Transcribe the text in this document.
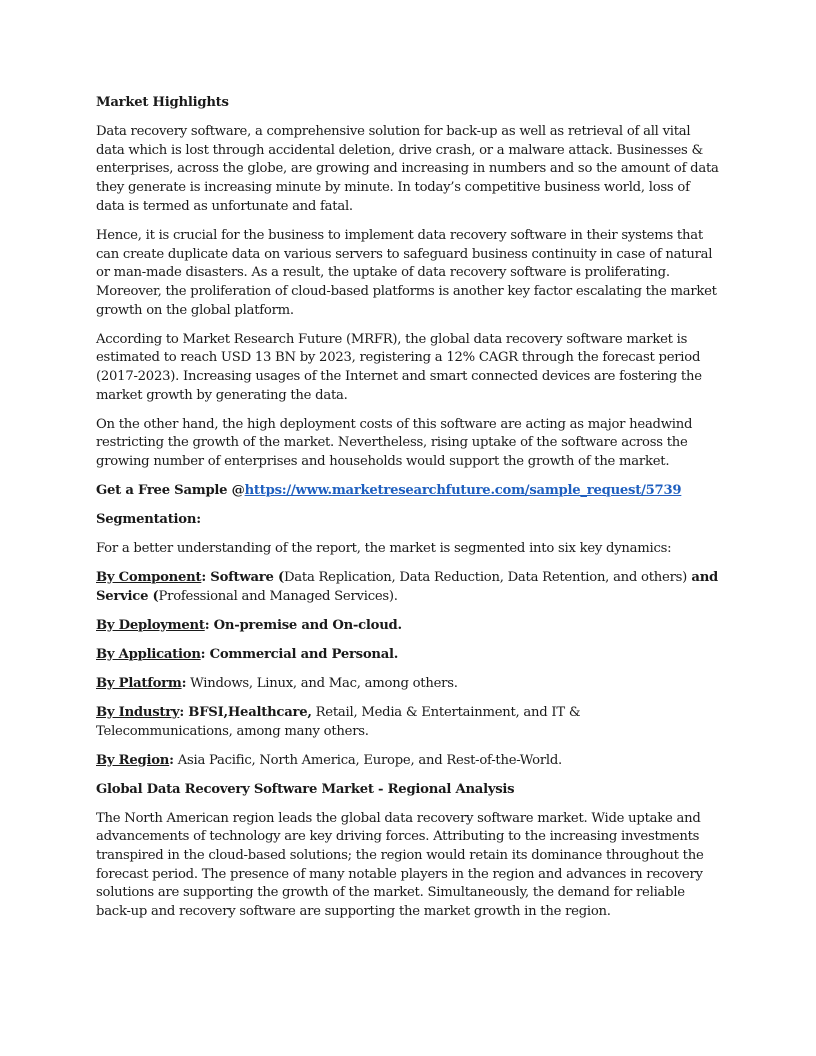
Market Highlights

Data recovery software, a comprehensive solution for back-up as well as retrieval of all vital data which is lost through accidental deletion, drive crash, or a malware attack. Businesses & enterprises, across the globe, are growing and increasing in numbers and so the amount of data they generate is increasing minute by minute. In today’s competitive business world, loss of data is termed as unfortunate and fatal.

Hence, it is crucial for the business to implement data recovery software in their systems that can create duplicate data on various servers to safeguard business continuity in case of natural or man-made disasters. As a result, the uptake of data recovery software is proliferating. Moreover, the proliferation of cloud-based platforms is another key factor escalating the market growth on the global platform.

According to Market Research Future (MRFR), the global data recovery software market is estimated to reach USD 13 BN by 2023, registering a 12% CAGR through the forecast period (2017-2023). Increasing usages of the Internet and smart connected devices are fostering the market growth by generating the data.

On the other hand, the high deployment costs of this software are acting as major headwind restricting the growth of the market. Nevertheless, rising uptake of the software across the growing number of enterprises and households would support the growth of the market.

Get a Free Sample @https://www.marketresearchfuture.com/sample_request/5739

Segmentation:

For a better understanding of the report, the market is segmented into six key dynamics:

By Component: Software (Data Replication, Data Reduction, Data Retention, and others) and Service (Professional and Managed Services).

By Deployment: On-premise and On-cloud.

By Application: Commercial and Personal.

By Platform: Windows, Linux, and Mac, among others.

By Industry: BFSI,Healthcare, Retail, Media & Entertainment, and IT & Telecommunications, among many others.

By Region: Asia Pacific, North America, Europe, and Rest-of-the-World.

Global Data Recovery Software Market - Regional Analysis

The North American region leads the global data recovery software market. Wide uptake and advancements of technology are key driving forces. Attributing to the increasing investments transpired in the cloud-based solutions; the region would retain its dominance throughout the forecast period. The presence of many notable players in the region and advances in recovery solutions are supporting the growth of the market. Simultaneously, the demand for reliable back-up and recovery software are supporting the market growth in the region.
